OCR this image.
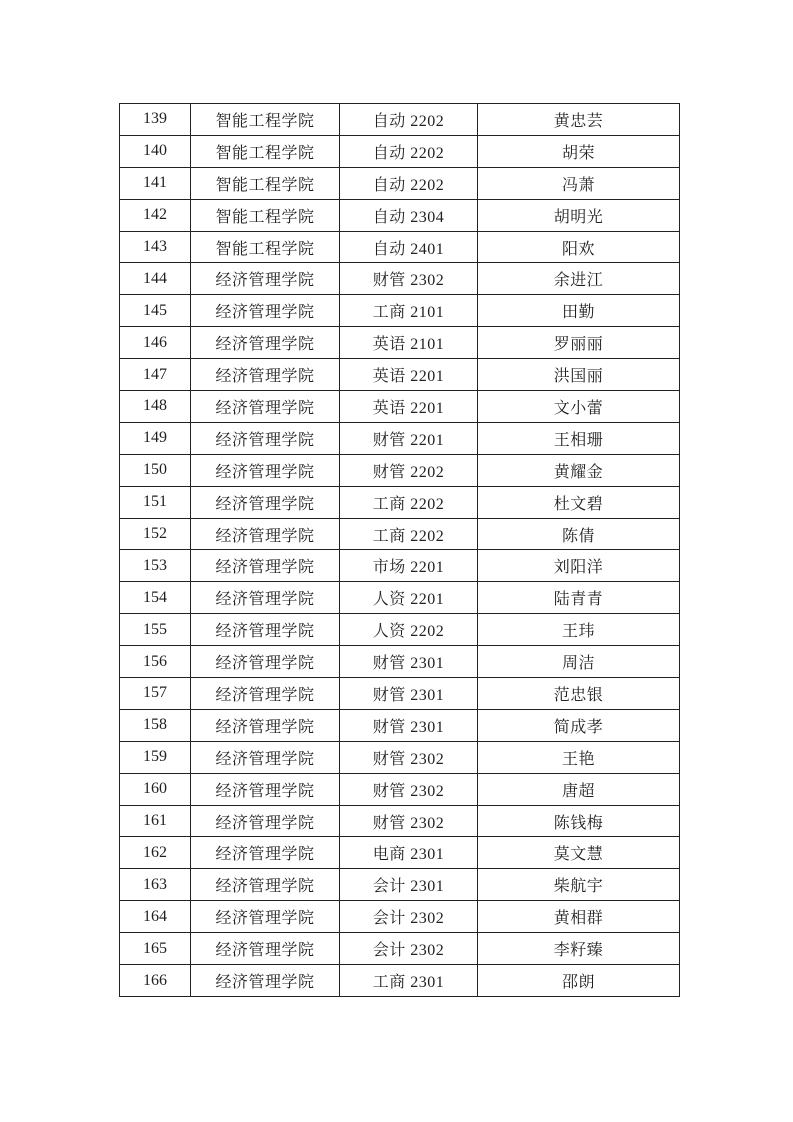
139	智能工程学院	自动 2202	黄忠芸
140	智能工程学院	自动 2202	胡荣
141	智能工程学院	自动 2202	冯萧
142	智能工程学院	自动 2304	胡明光
143	智能工程学院	自动 2401	阳欢
144	经济管理学院	财管 2302	余进江
145	经济管理学院	工商 2101	田勤
146	经济管理学院	英语 2101	罗丽丽
147	经济管理学院	英语 2201	洪国丽
148	经济管理学院	英语 2201	文小蕾
149	经济管理学院	财管 2201	王相珊
150	经济管理学院	财管 2202	黄耀金
151	经济管理学院	工商 2202	杜文碧
152	经济管理学院	工商 2202	陈倩
153	经济管理学院	市场 2201	刘阳洋
154	经济管理学院	人资 2201	陆青青
155	经济管理学院	人资 2202	王玮
156	经济管理学院	财管 2301	周洁
157	经济管理学院	财管 2301	范忠银
158	经济管理学院	财管 2301	简成孝
159	经济管理学院	财管 2302	王艳
160	经济管理学院	财管 2302	唐超
161	经济管理学院	财管 2302	陈钱梅
162	经济管理学院	电商 2301	莫文慧
163	经济管理学院	会计 2301	柴航宇
164	经济管理学院	会计 2302	黄相群
165	经济管理学院	会计 2302	李籽臻
166	经济管理学院	工商 2301	邵朗
